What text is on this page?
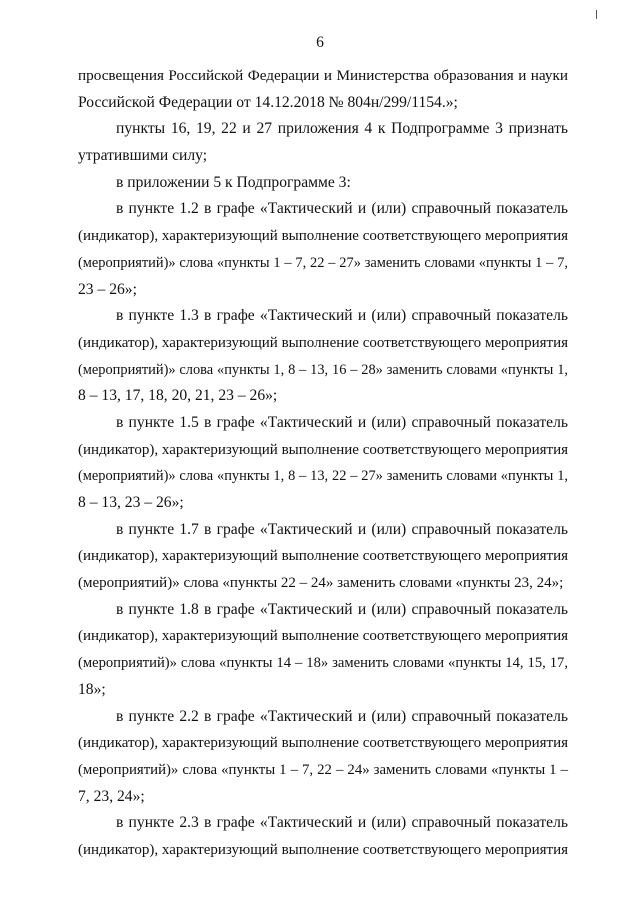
6
просвещения Российской Федерации и Министерства образования и науки
Российской Федерации от 14.12.2018 № 804н/299/1154.»;
пункты 16, 19, 22 и 27 приложения 4 к Подпрограмме 3 признать
утратившими силу;
в приложении 5 к Подпрограмме 3:
в пункте 1.2 в графе «Тактический и (или) справочный показатель
(индикатор), характеризующий выполнение соответствующего мероприятия
(мероприятий)» слова «пункты 1 – 7, 22 – 27» заменить словами «пункты 1 – 7,
23 – 26»;
в пункте 1.3 в графе «Тактический и (или) справочный показатель
(индикатор), характеризующий выполнение соответствующего мероприятия
(мероприятий)» слова «пункты 1, 8 – 13, 16 – 28» заменить словами «пункты 1,
8 – 13, 17, 18, 20, 21, 23 – 26»;
в пункте 1.5 в графе «Тактический и (или) справочный показатель
(индикатор), характеризующий выполнение соответствующего мероприятия
(мероприятий)» слова «пункты 1, 8 – 13, 22 – 27» заменить словами «пункты 1,
8 – 13, 23 – 26»;
в пункте 1.7 в графе «Тактический и (или) справочный показатель
(индикатор), характеризующий выполнение соответствующего мероприятия
(мероприятий)» слова «пункты 22 – 24» заменить словами «пункты 23, 24»;
в пункте 1.8 в графе «Тактический и (или) справочный показатель
(индикатор), характеризующий выполнение соответствующего мероприятия
(мероприятий)» слова «пункты 14 – 18» заменить словами «пункты 14, 15, 17,
18»;
в пункте 2.2 в графе «Тактический и (или) справочный показатель
(индикатор), характеризующий выполнение соответствующего мероприятия
(мероприятий)» слова «пункты 1 – 7, 22 – 24» заменить словами «пункты 1 –
7, 23, 24»;
в пункте 2.3 в графе «Тактический и (или) справочный показатель
(индикатор), характеризующий выполнение соответствующего мероприятия
